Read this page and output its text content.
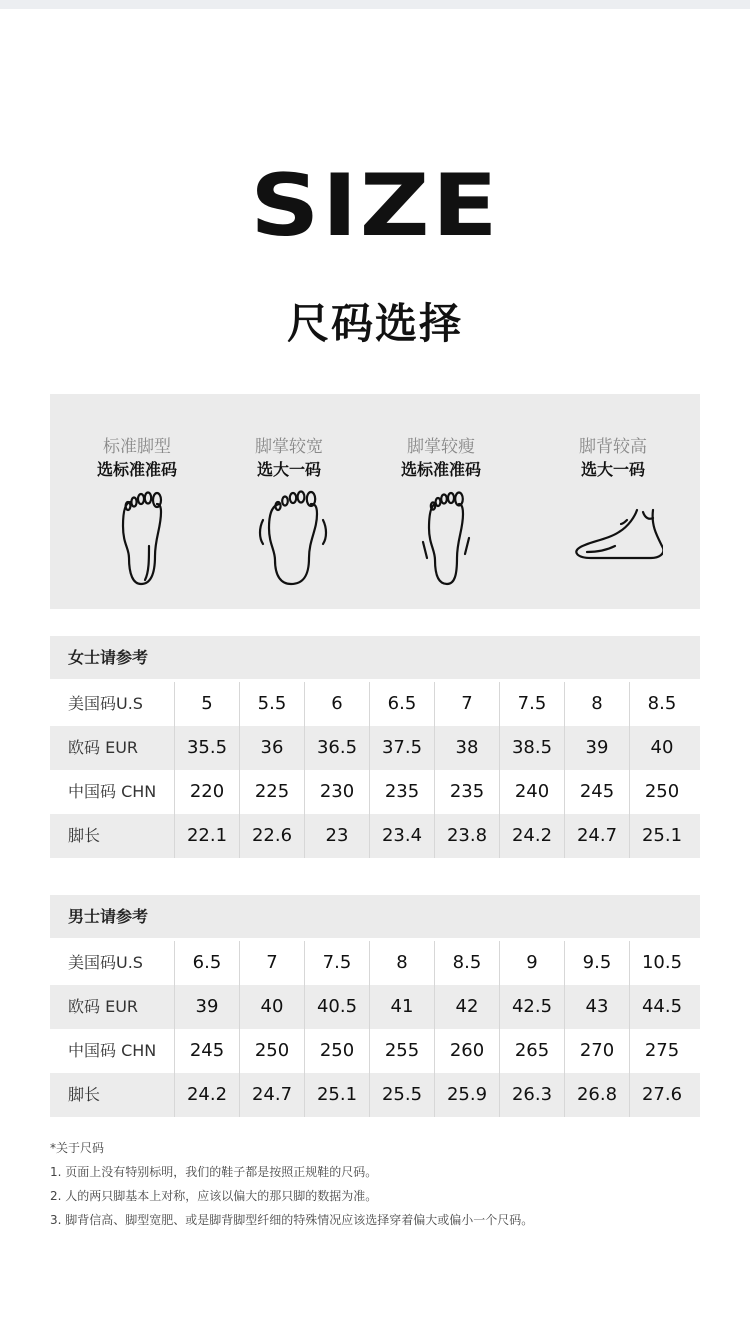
SIZE
尺码选择
标准脚型
选标准准码
脚掌较宽
选大一码
脚掌较瘦
选标准准码
脚背较高
选大一码
女士请参考
美国码U.S	5	5.5	6	6.5	7	7.5	8	8.5
欧码 EUR	35.5	36	36.5	37.5	38	38.5	39	40
中国码 CHN	220	225	230	235	235	240	245	250
脚长	22.1	22.6	23	23.4	23.8	24.2	24.7	25.1
男士请参考
美国码U.S	6.5	7	7.5	8	8.5	9	9.5	10.5
欧码 EUR	39	40	40.5	41	42	42.5	43	44.5
中国码 CHN	245	250	250	255	260	265	270	275
脚长	24.2	24.7	25.1	25.5	25.9	26.3	26.8	27.6
*关于尺码
1. 页面上没有特别标明，我们的鞋子都是按照正规鞋的尺码。
2. 人的两只脚基本上对称，应该以偏大的那只脚的数据为准。
3. 脚背信高、脚型宽肥、或是脚背脚型纤细的特殊情况应该选择穿着偏大或偏小一个尺码。
